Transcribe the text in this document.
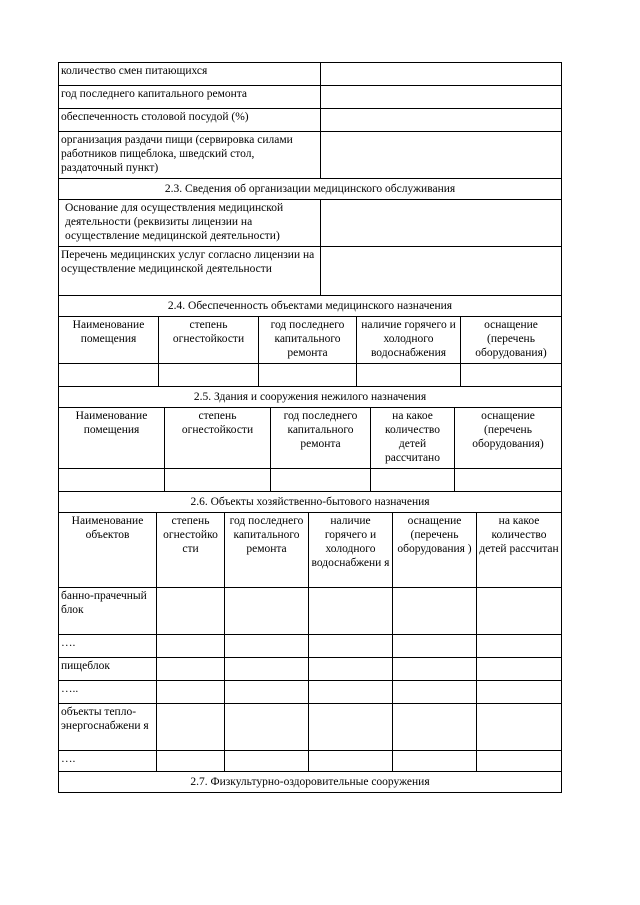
количество смен питающихся	
год последнего капитального ремонта	
обеспеченность столовой посудой (%)	
организация раздачи пищи (сервировка силами работников пищеблока, шведский стол, раздаточный пункт)	
2.3. Сведения об организации медицинского обслуживания	
Основание для осуществления медицинской деятельности (реквизиты лицензии на осуществление медицинской деятельности)	
Перечень медицинских услуг согласно лицензии на осуществление медицинской деятельности	
2.4. Обеспеченность объектами медицинского назначения	
Наименование помещения	степень огнестойкости	год последнего капитального ремонта	наличие горячего и холодного водоснабжения	оснащение (перечень оборудования)

2.5. Здания и сооружения нежилого назначения				
Наименование помещения	степень огнестойкости	год последнего капитального ремонта	на какое количество детей рассчитано	оснащение (перечень оборудования)

2.6. Объекты хозяйственно-бытового назначения				
Наименование объектов	степень огнестойко сти	год последнего капитального ремонта	наличие горячего и холодного водоснабжени я	оснащение (перечень оборудования )	на какое количество детей рассчитан
банно-прачечный блок					
….					
пищеблок					
…..					
объекты тепло-энергоснабжени я					
….					
2.7. Физкультурно-оздоровительные сооружения					
